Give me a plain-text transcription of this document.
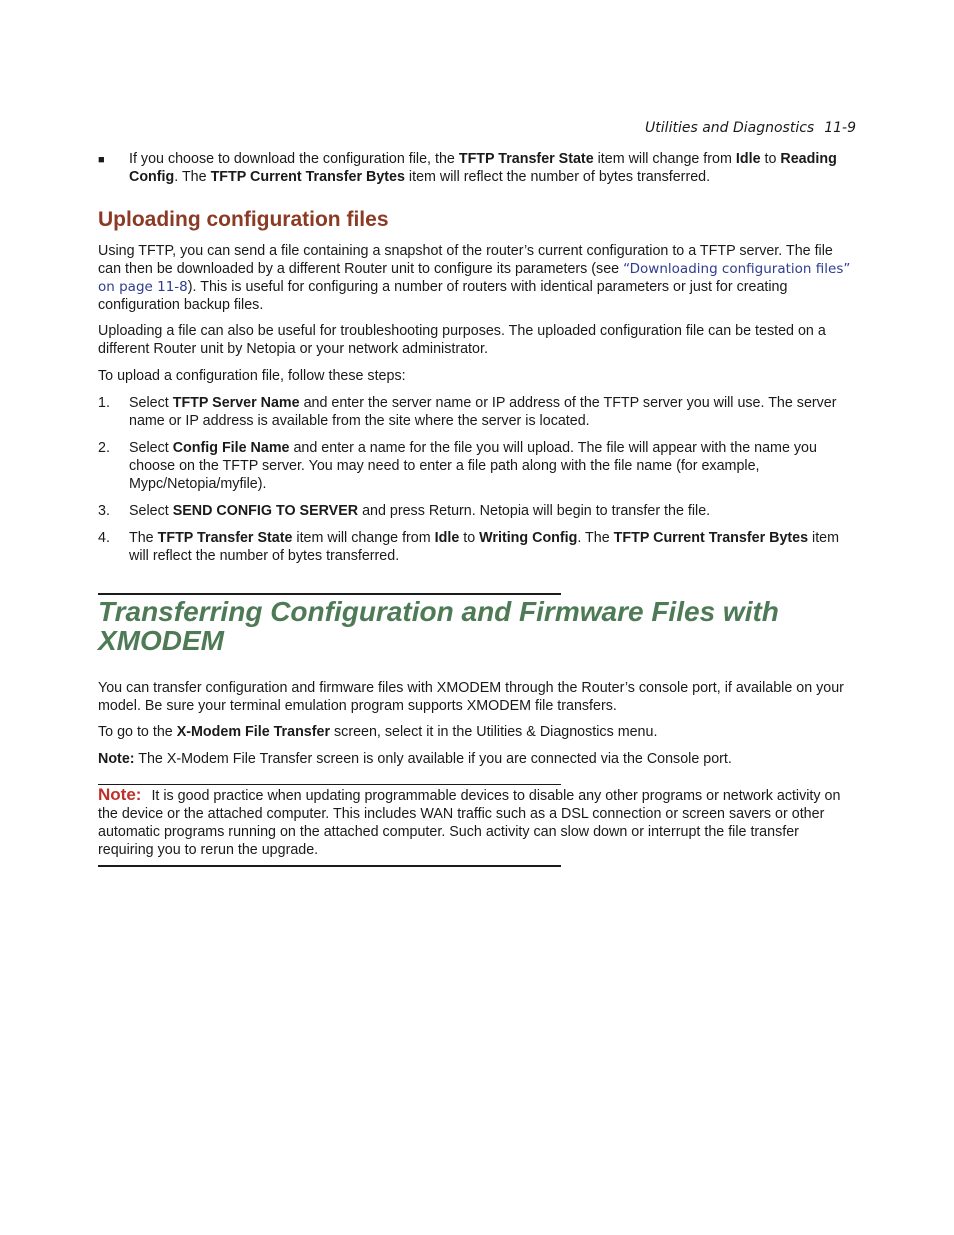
Utilities and Diagnostics 11-9
■ If you choose to download the configuration file, the TFTP Transfer State item will change from Idle to Reading Config. The TFTP Current Transfer Bytes item will reflect the number of bytes transferred.

Uploading configuration files

Using TFTP, you can send a file containing a snapshot of the router’s current configuration to a TFTP server. The file can then be downloaded by a different Router unit to configure its parameters (see “Downloading configuration files” on page 11-8). This is useful for configuring a number of routers with identical parameters or just for creating configuration backup files.

Uploading a file can also be useful for troubleshooting purposes. The uploaded configuration file can be tested on a different Router unit by Netopia or your network administrator.

To upload a configuration file, follow these steps:

1. Select TFTP Server Name and enter the server name or IP address of the TFTP server you will use. The server name or IP address is available from the site where the server is located.
2. Select Config File Name and enter a name for the file you will upload. The file will appear with the name you choose on the TFTP server. You may need to enter a file path along with the file name (for example, Mypc/Netopia/myfile).
3. Select SEND CONFIG TO SERVER and press Return. Netopia will begin to transfer the file.
4. The TFTP Transfer State item will change from Idle to Writing Config. The TFTP Current Transfer Bytes item will reflect the number of bytes transferred.
Transferring Configuration and Firmware Files with XMODEM

You can transfer configuration and firmware files with XMODEM through the Router’s console port, if available on your model. Be sure your terminal emulation program supports XMODEM file transfers.

To go to the X-Modem File Transfer screen, select it in the Utilities & Diagnostics menu.

Note: The X-Modem File Transfer screen is only available if you are connected via the Console port.

Note: It is good practice when updating programmable devices to disable any other programs or network activity on the device or the attached computer. This includes WAN traffic such as a DSL connection or screen savers or other automatic programs running on the attached computer. Such activity can slow down or interrupt the file transfer requiring you to rerun the upgrade.
